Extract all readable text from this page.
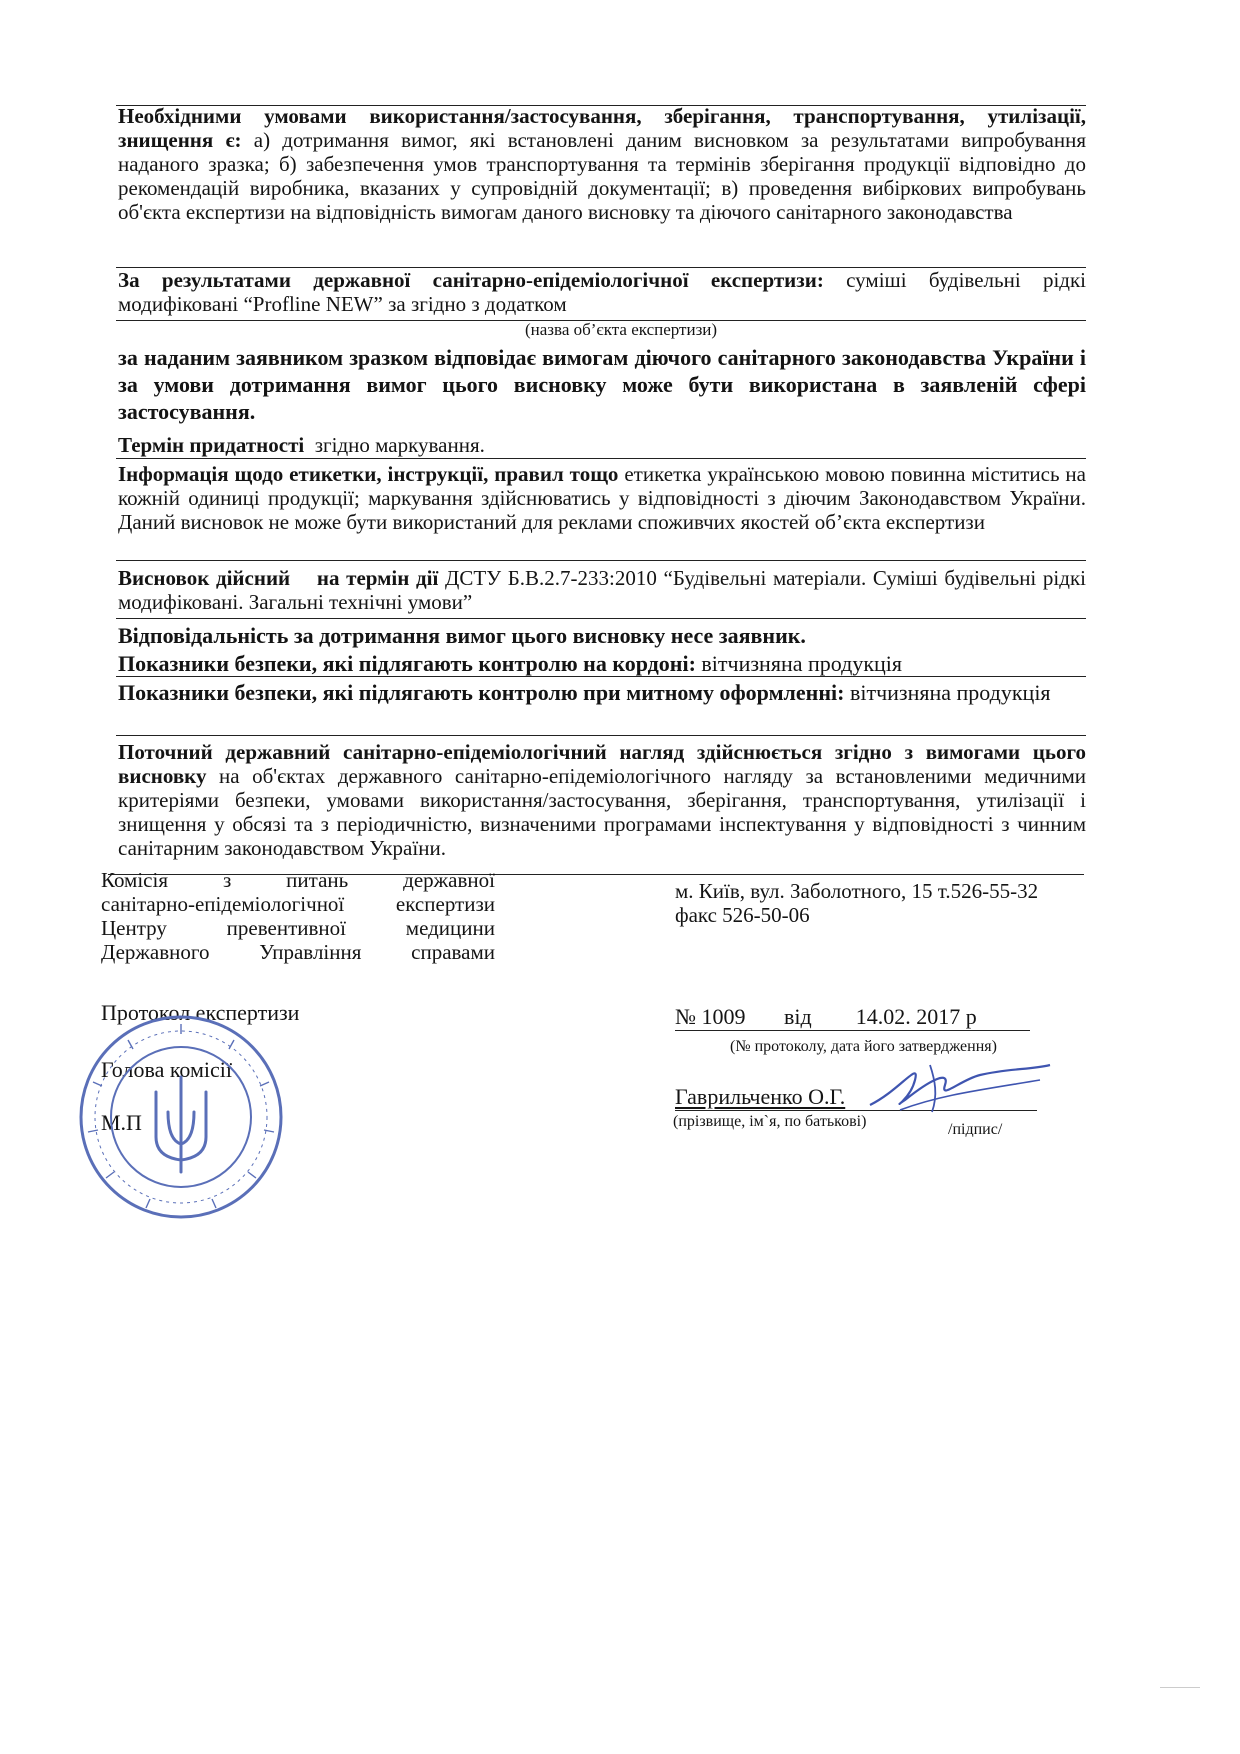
Необхідними умовами використання/застосування, зберігання, транспортування, утилізації, знищення є: а) дотримання вимог, які встановлені даним висновком за результатами випробування наданого зразка; б) забезпечення умов транспортування та термінів зберігання продукції відповідно до рекомендацій виробника, вказаних у супровідній документації; в) проведення вибіркових випробувань об'єкта експертизи на відповідність вимогам даного висновку та діючого санітарного законодавства
За результатами державної санітарно-епідеміологічної експертизи: суміші будівельні рідкі модифіковані “Profline NEW” за згідно з додатком
(назва об’єкта експертизи)
за наданим заявником зразком відповідає вимогам діючого санітарного законодавства України і за умови дотримання вимог цього висновку може бути використана в заявленій сфері застосування.
Термін придатності згідно маркування.
Інформація щодо етикетки, інструкції, правил тощо етикетка українською мовою повинна міститись на кожній одиниці продукції; маркування здійснюватись у відповідності з діючим Законодавством України. Даний висновок не може бути використаний для реклами споживчих якостей об’єкта експертизи
Висновок дійсний на термін дії ДСТУ Б.В.2.7-233:2010 “Будівельні матеріали. Суміші будівельні рідкі модифіковані. Загальні технічні умови”
Відповідальність за дотримання вимог цього висновку несе заявник.
Показники безпеки, які підлягають контролю на кордоні: вітчизняна продукція
Показники безпеки, які підлягають контролю при митному оформленні: вітчизняна продукція
Поточний державний санітарно-епідеміологічний нагляд здійснюється згідно з вимогами цього висновку на об'єктах державного санітарно-епідеміологічного нагляду за встановленими медичними критеріями безпеки, умовами використання/застосування, зберігання, транспортування, утилізації і знищення у обсязі та з періодичністю, визначеними програмами інспектування у відповідності з чинним санітарним законодавством України.
Комісія з питань державної
санітарно-епідеміологічної експертизи
Центру превентивної медицини
Державного Управління справами
м. Київ, вул. Заболотного, 15 т.526-55-32
факс 526-50-06
Протокол експертизи	№ 1009 від 14.02. 2017 р
(№ протоколу, дата його затвердження)
Голова комісії
М.П
Гаврильченко О.Г.
(прізвище, ім`я, по батькові)	/підпис/
